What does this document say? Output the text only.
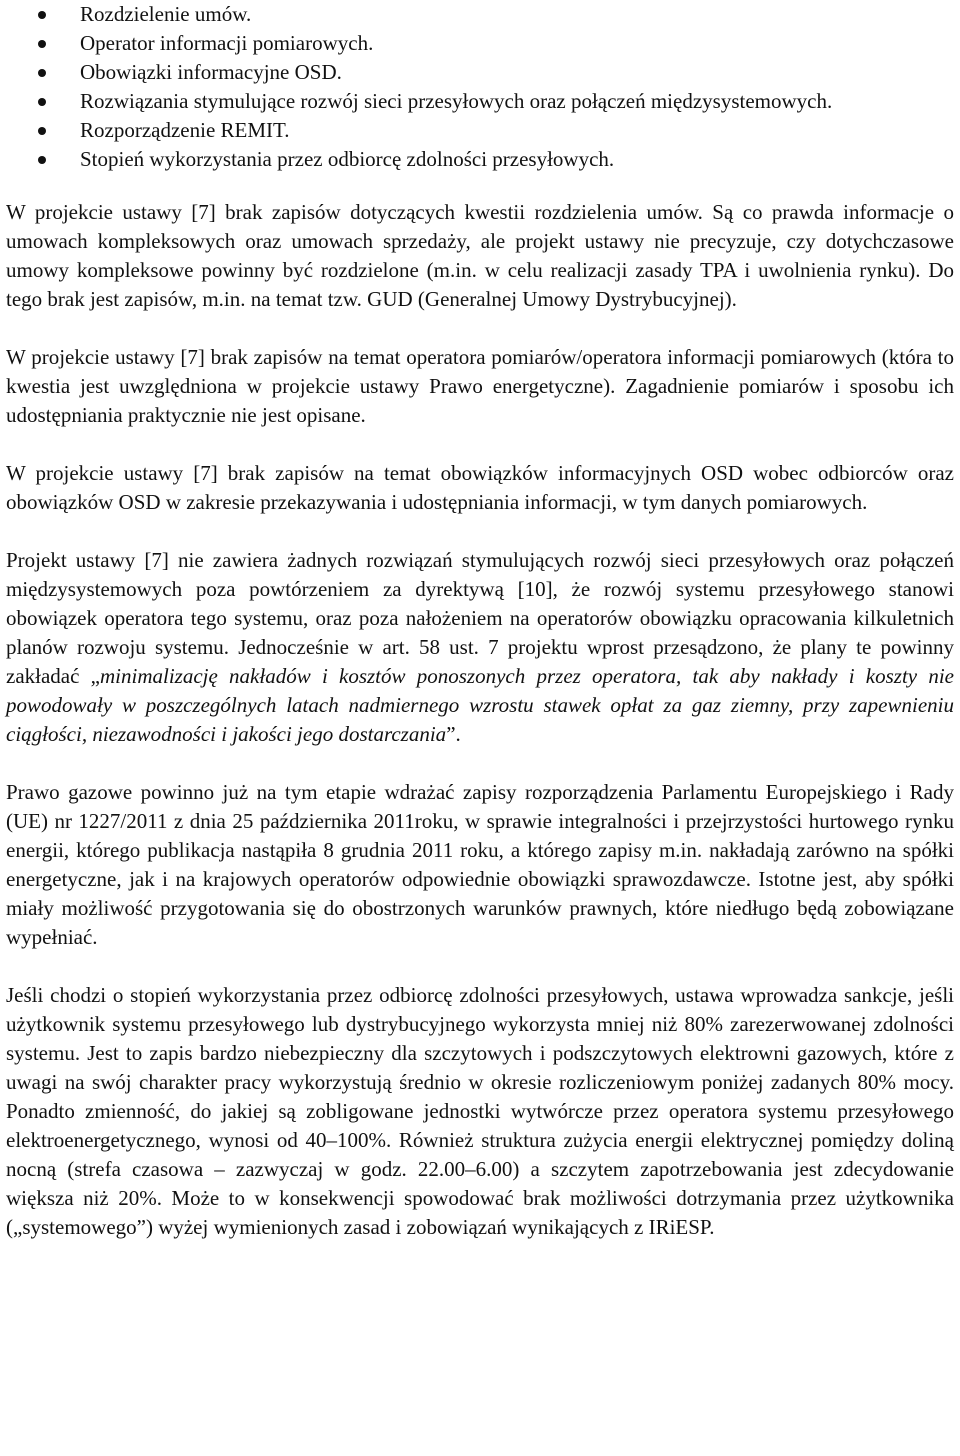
Rozdzielenie umów.
Operator informacji pomiarowych.
Obowiązki informacyjne OSD.
Rozwiązania stymulujące rozwój sieci przesyłowych oraz połączeń międzysystemowych.
Rozporządzenie REMIT.
Stopień wykorzystania przez odbiorcę zdolności przesyłowych.

W projekcie ustawy [7] brak zapisów dotyczących kwestii rozdzielenia umów. Są co prawda informacje o umowach kompleksowych oraz umowach sprzedaży, ale projekt ustawy nie precyzuje, czy dotychczasowe umowy kompleksowe powinny być rozdzielone (m.in. w celu realizacji zasady TPA i uwolnienia rynku). Do tego brak jest zapisów, m.in. na temat tzw. GUD (Generalnej Umowy Dystrybucyjnej).

W projekcie ustawy [7] brak zapisów na temat operatora pomiarów/operatora informacji pomiarowych (która to kwestia jest uwzględniona w projekcie ustawy Prawo energetyczne). Zagadnienie pomiarów i sposobu ich udostępniania praktycznie nie jest opisane.

W projekcie ustawy [7] brak zapisów na temat obowiązków informacyjnych OSD wobec odbiorców oraz obowiązków OSD w zakresie przekazywania i udostępniania informacji, w tym danych pomiarowych.

Projekt ustawy [7] nie zawiera żadnych rozwiązań stymulujących rozwój sieci przesyłowych oraz połączeń międzysystemowych poza powtórzeniem za dyrektywą [10], że rozwój systemu przesyłowego stanowi obowiązek operatora tego systemu, oraz poza nałożeniem na operatorów obowiązku opracowania kilkuletnich planów rozwoju systemu. Jednocześnie w art. 58 ust. 7 projektu wprost przesądzono, że plany te powinny zakładać „minimalizację nakładów i kosztów ponoszonych przez operatora, tak aby nakłady i koszty nie powodowały w poszczególnych latach nadmiernego wzrostu stawek opłat za gaz ziemny, przy zapewnieniu ciągłości, niezawodności i jakości jego dostarczania”.

Prawo gazowe powinno już na tym etapie wdrażać zapisy rozporządzenia Parlamentu Europejskiego i Rady (UE) nr 1227/2011 z dnia 25 października 2011roku, w sprawie integralności i przejrzystości hurtowego rynku energii, którego publikacja nastąpiła 8 grudnia 2011 roku, a którego zapisy m.in. nakładają zarówno na spółki energetyczne, jak i na krajowych operatorów odpowiednie obowiązki sprawozdawcze. Istotne jest, aby spółki miały możliwość przygotowania się do obostrzonych warunków prawnych, które niedługo będą zobowiązane wypełniać.

Jeśli chodzi o stopień wykorzystania przez odbiorcę zdolności przesyłowych, ustawa wprowadza sankcje, jeśli użytkownik systemu przesyłowego lub dystrybucyjnego wykorzysta mniej niż 80% zarezerwowanej zdolności systemu. Jest to zapis bardzo niebezpieczny dla szczytowych i podszczytowych elektrowni gazowych, które z uwagi na swój charakter pracy wykorzystują średnio w okresie rozliczeniowym poniżej zadanych 80% mocy. Ponadto zmienność, do jakiej są zobligowane jednostki wytwórcze przez operatora systemu przesyłowego elektroenergetycznego, wynosi od 40–100%. Również struktura zużycia energii elektrycznej pomiędzy doliną nocną (strefa czasowa – zazwyczaj w godz. 22.00–6.00) a szczytem zapotrzebowania jest zdecydowanie większa niż 20%. Może to w konsekwencji spowodować brak możliwości dotrzymania przez użytkownika („systemowego”) wyżej wymienionych zasad i zobowiązań wynikających z IRiESP.
